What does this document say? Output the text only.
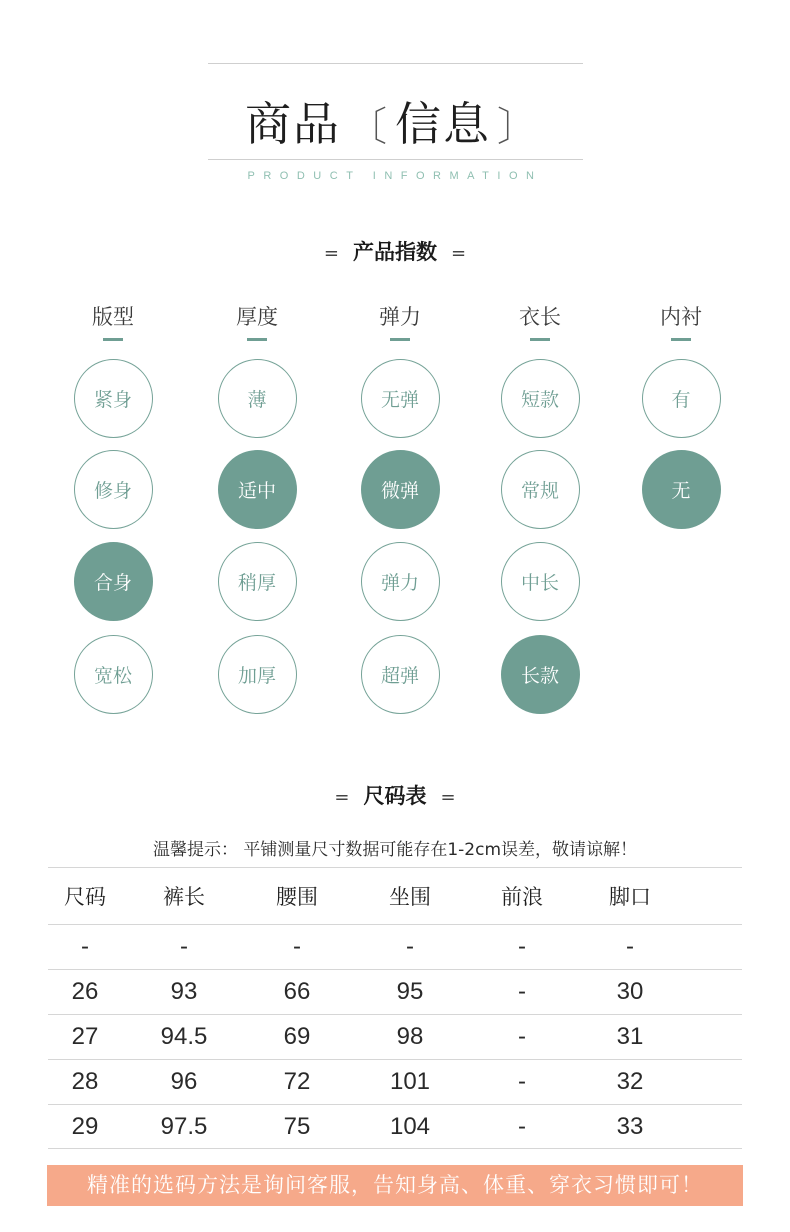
商品 〔 信息 〕
PRODUCT INFORMATION
= 产品指数 =
版型
紧身
修身
合身
宽松
厚度
薄
适中
稍厚
加厚
弹力
无弹
微弹
弹力
超弹
衣长
短款
常规
中长
长款
内衬
有
无
= 尺码表 =
温馨提示： 平铺测量尺寸数据可能存在1-2cm误差，敬请谅解！
尺码	裤长	腰围	坐围	前浪	脚口
-	-	-	-	-	-
26	93	66	95	-	30
27	94.5	69	98	-	31
28	96	72	101	-	32
29	97.5	75	104	-	33
精准的选码方法是询问客服，告知身高、体重、穿衣习惯即可！
